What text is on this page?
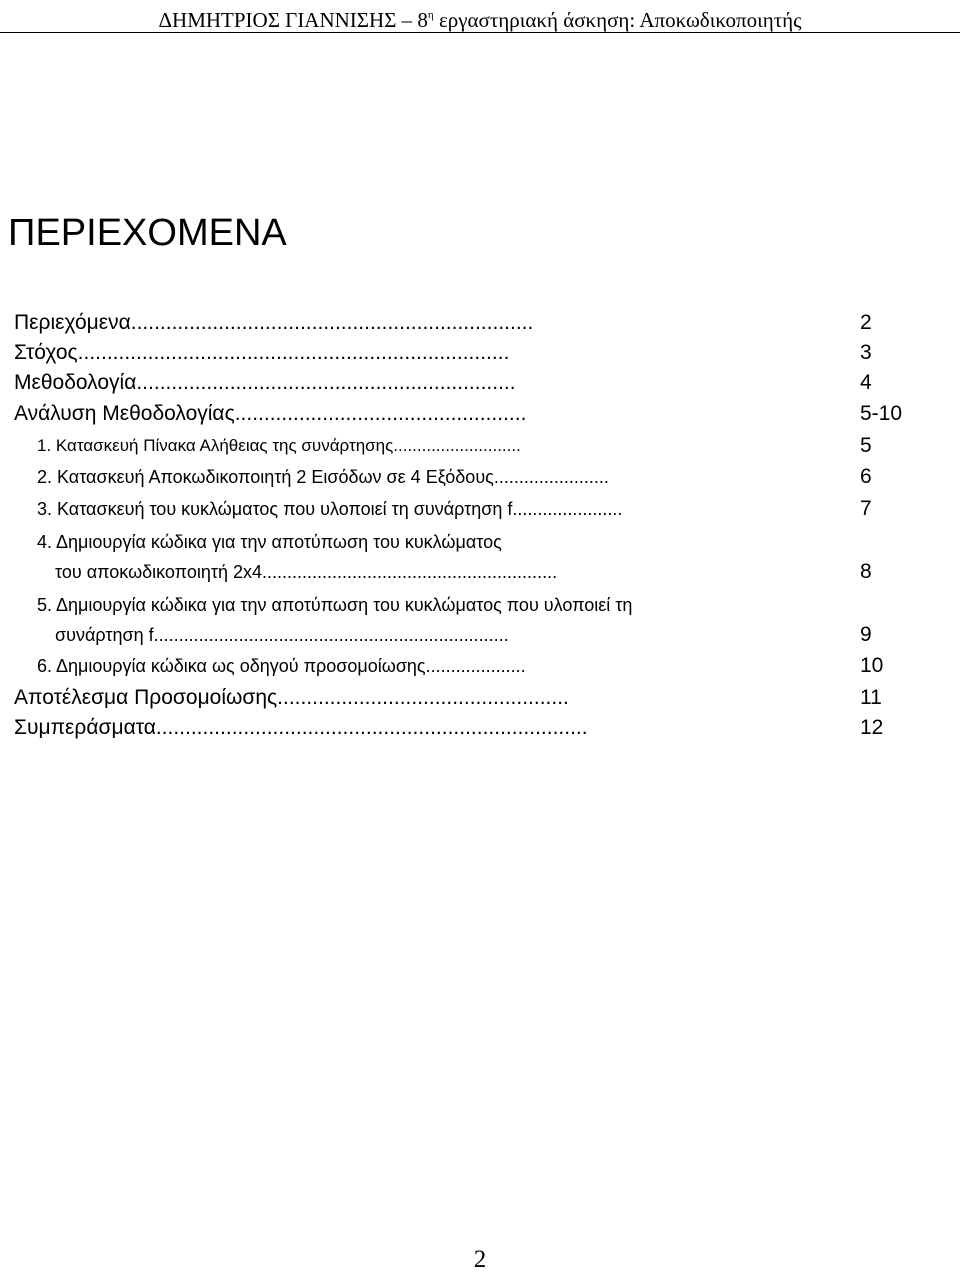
ΔΗΜΗΤΡΙΟΣ ΓΙΑΝΝΙΣΗΣ – $8^\eta$ εργαστηριακή άσκηση: Αποκωδικοποιητής
ΠΕΡΙΕΧΟΜΕΝΑ
Περιεχόμενα.....................................................................	2
Στόχος..........................................................................	3
Μεθοδολογία.................................................................	4
Ανάλυση Μεθοδολογίας..................................................	5-10
1. Κατασκευή Πίνακα Αλήθειας της συνάρτησης...........................	5
2. Κατασκευή Αποκωδικοποιητή 2 Εισόδων σε 4 Εξόδους.......................	6
3. Κατασκευή του κυκλώματος που υλοποιεί τη συνάρτηση f......................	7
4. Δημιουργία κώδικα για την αποτύπωση του κυκλώματος
του αποκωδικοποιητή 2x4...........................................................	8
5. Δημιουργία κώδικα για την αποτύπωση του κυκλώματος που υλοποιεί τη
συνάρτηση f.......................................................................	9
6. Δημιουργία κώδικα ως οδηγού προσομοίωσης....................	10
Αποτέλεσμα Προσομοίωσης..................................................	11
Συμπεράσματα..........................................................................	12
2
